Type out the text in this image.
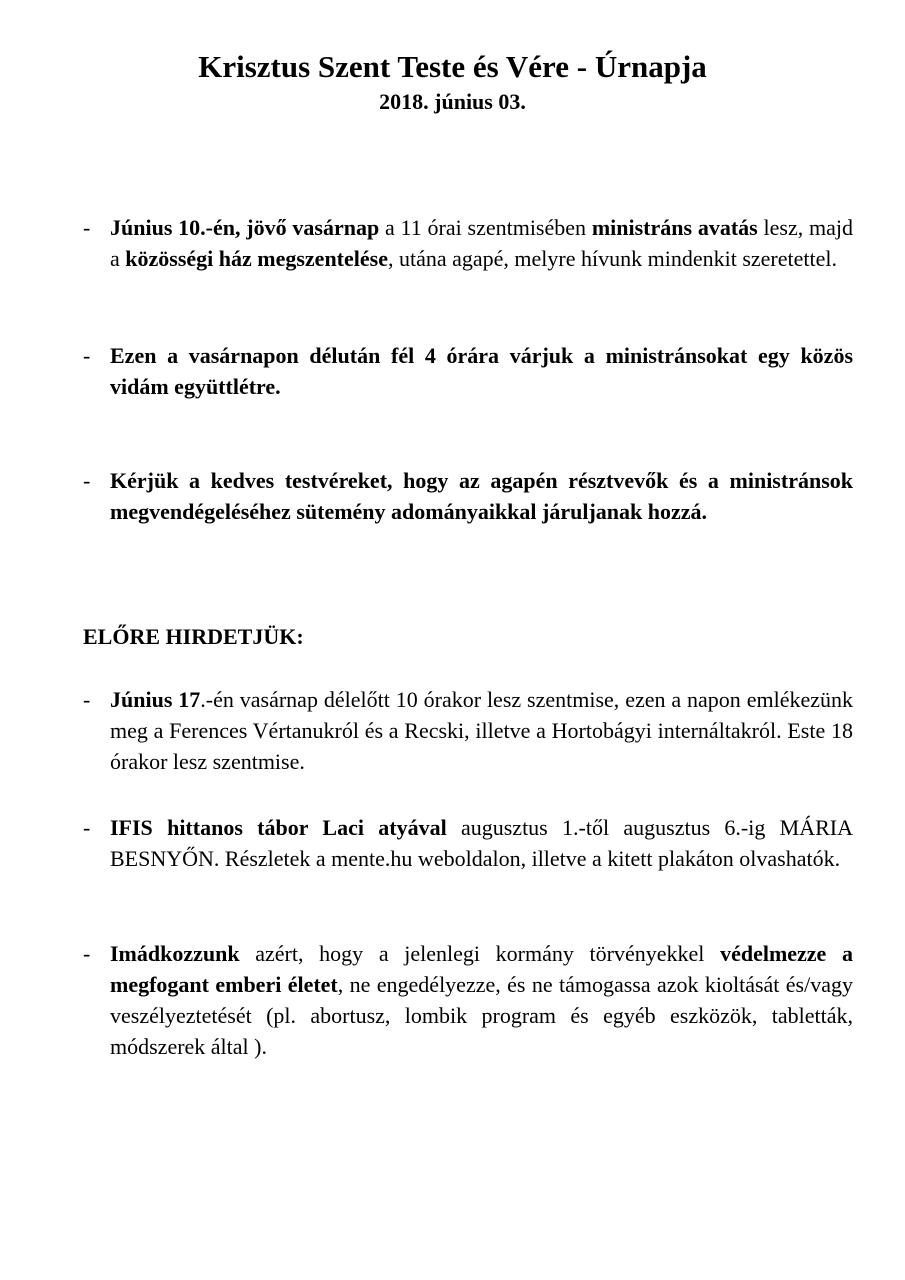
Krisztus Szent Teste és Vére - Úrnapja
2018. június 03.
- Június 10.-én, jövő vasárnap a 11 órai szentmisében ministráns avatás lesz, majd a közösségi ház megszentelése, utána agapé, melyre hívunk mindenkit szeretettel.
- Ezen a vasárnapon délután fél 4 órára várjuk a ministránsokat egy közös vidám együttlétre.
- Kérjük a kedves testvéreket, hogy az agapén résztvevők és a ministránsok megvendégeléséhez sütemény adományaikkal járuljanak hozzá.
ELŐRE HIRDETJÜK:
- Június 17.-én vasárnap délelőtt 10 órakor lesz szentmise, ezen a napon emlékezünk meg a Ferences Vértanukról és a Recski, illetve a Hortobágyi internáltakról. Este 18 órakor lesz szentmise.
- IFIS hittanos tábor Laci atyával augusztus 1.-től augusztus 6.-ig MÁRIA BESNYŐN. Részletek a mente.hu weboldalon, illetve a kitett plakáton olvashatók.
- Imádkozzunk azért, hogy a jelenlegi kormány törvényekkel védelmezze a megfogant emberi életet, ne engedélyezze, és ne támogassa azok kioltását és/vagy veszélyeztetését (pl. abortusz, lombik program és egyéb eszközök, tabletták, módszerek által ).
